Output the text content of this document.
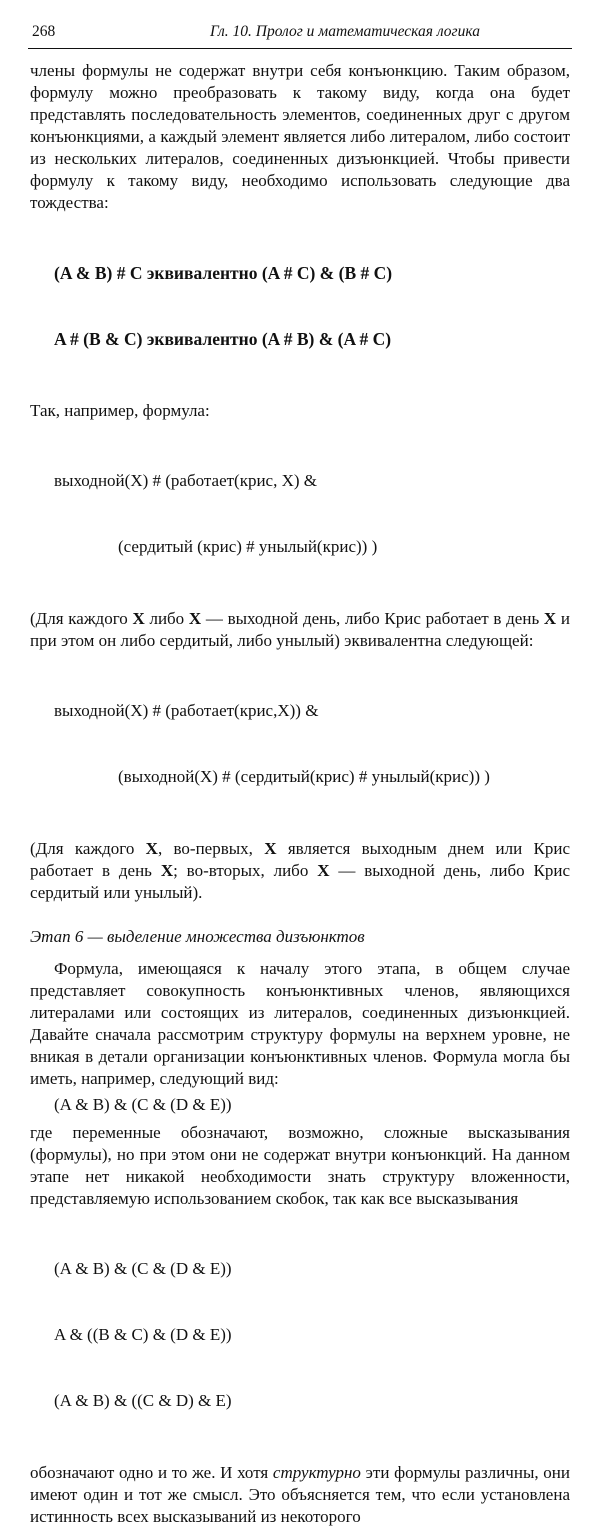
268	Гл. 10. Пролог и математическая логика

члены формулы не содержат внутри себя конъюнкцию. Таким образом, формулу можно преобразовать к такому виду, когда она будет представлять последовательность элементов, соединенных друг с другом конъюнкциями, а каждый элемент является либо литералом, либо состоит из нескольких литералов, соединенных дизъюнкцией. Чтобы привести формулу к такому виду, необходимо использовать следующие два тождества:

(A & B) # C эквивалентно (A # C) & (B # C)

A # (B & C) эквивалентно (A # B) & (A # C)

Так, например, формула:

выходной(X) # (работает(крис, X) &

(сердитый (крис) # унылый(крис)) )

(Для каждого X либо X — выходной день, либо Крис работает в день X и при этом он либо сердитый, либо унылый) эквивалентна следующей:

выходной(X) # (работает(крис,X)) &

(выходной(X) # (сердитый(крис) # унылый(крис)) )

(Для каждого X, во-первых, X является выходным днем или Крис работает в день X; во-вторых, либо X — выходной день, либо Крис сердитый или унылый).

Этап 6 — выделение множества дизъюнктов

Формула, имеющаяся к началу этого этапа, в общем случае представляет совокупность конъюнктивных членов, являющихся литералами или состоящих из литералов, соединенных дизъюнкцией. Давайте сначала рассмотрим структуру формулы на верхнем уровне, не вникая в детали организации конъюнктивных членов. Формула могла бы иметь, например, следующий вид:

(A & B) & (C & (D & E))

где переменные обозначают, возможно, сложные высказывания (формулы), но при этом они не содержат внутри конъюнкций. На данном этапе нет никакой необходимости знать структуру вложенности, представляемую использованием скобок, так как все высказывания

(A & B) & (C & (D & E))

A & ((B & C) & (D & E))

(A & B) & ((C & D) & E)

обозначают одно и то же. И хотя структурно эти формулы различны, они имеют один и тот же смысл. Это объясняется тем, что если установлена истинность всех высказываний из некоторого
